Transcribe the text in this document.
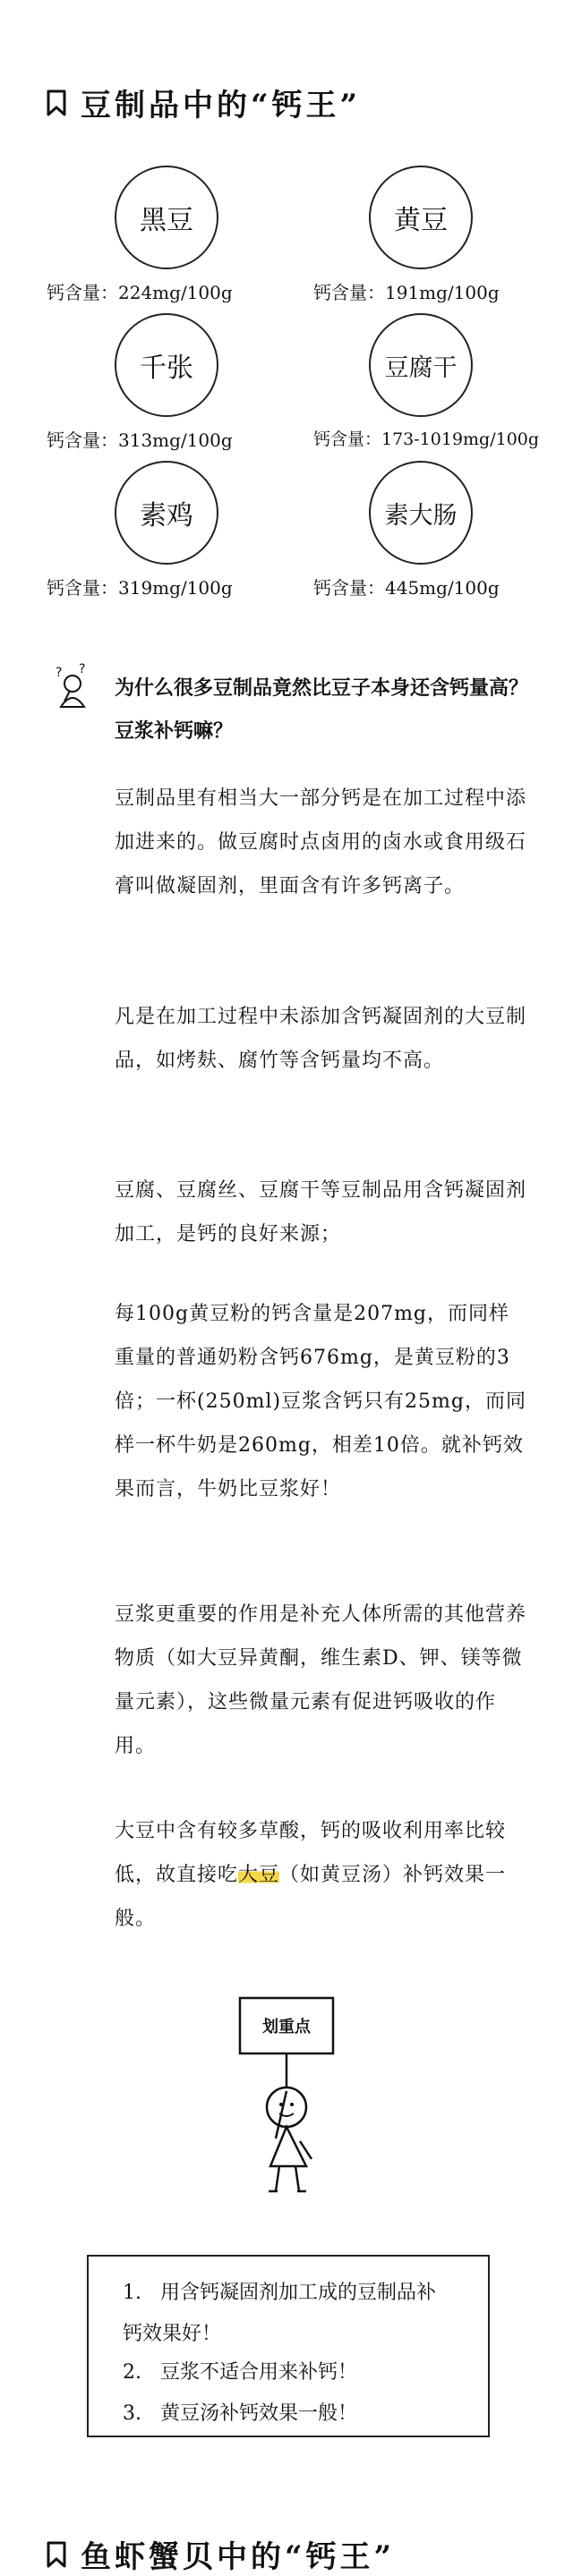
豆制品中的“钙王”
黑豆
钙含量：224mg/100g
黄豆
钙含量：191mg/100g
千张
钙含量：313mg/100g
豆腐干
钙含量：173-1019mg/100g
素鸡
钙含量：319mg/100g
素大肠
钙含量：445mg/100g
? ?
为什么很多豆制品竟然比豆子本身还含钙量高？豆浆补钙嘛？
豆制品里有相当大一部分钙是在加工过程中添加进来的。做豆腐时点卤用的卤水或食用级石膏叫做凝固剂，里面含有许多钙离子。
凡是在加工过程中未添加含钙凝固剂的大豆制品，如烤麸、腐竹等含钙量均不高。
豆腐、豆腐丝、豆腐干等豆制品用含钙凝固剂加工，是钙的良好来源；
每100g黄豆粉的钙含量是207mg，而同样重量的普通奶粉含钙676mg，是黄豆粉的3倍；一杯(250ml)豆浆含钙只有25mg，而同样一杯牛奶是260mg，相差10倍。就补钙效果而言，牛奶比豆浆好！
豆浆更重要的作用是补充人体所需的其他营养物质（如大豆异黄酮，维生素D、钾、镁等微量元素），这些微量元素有促进钙吸收的作用。
大豆中含有较多草酸，钙的吸收利用率比较低，故直接吃大豆（如黄豆汤）补钙效果一般。
划重点
1. 用含钙凝固剂加工成的豆制品补钙效果好！
2. 豆浆不适合用来补钙！
3. 黄豆汤补钙效果一般！
鱼虾蟹贝中的“钙王”
